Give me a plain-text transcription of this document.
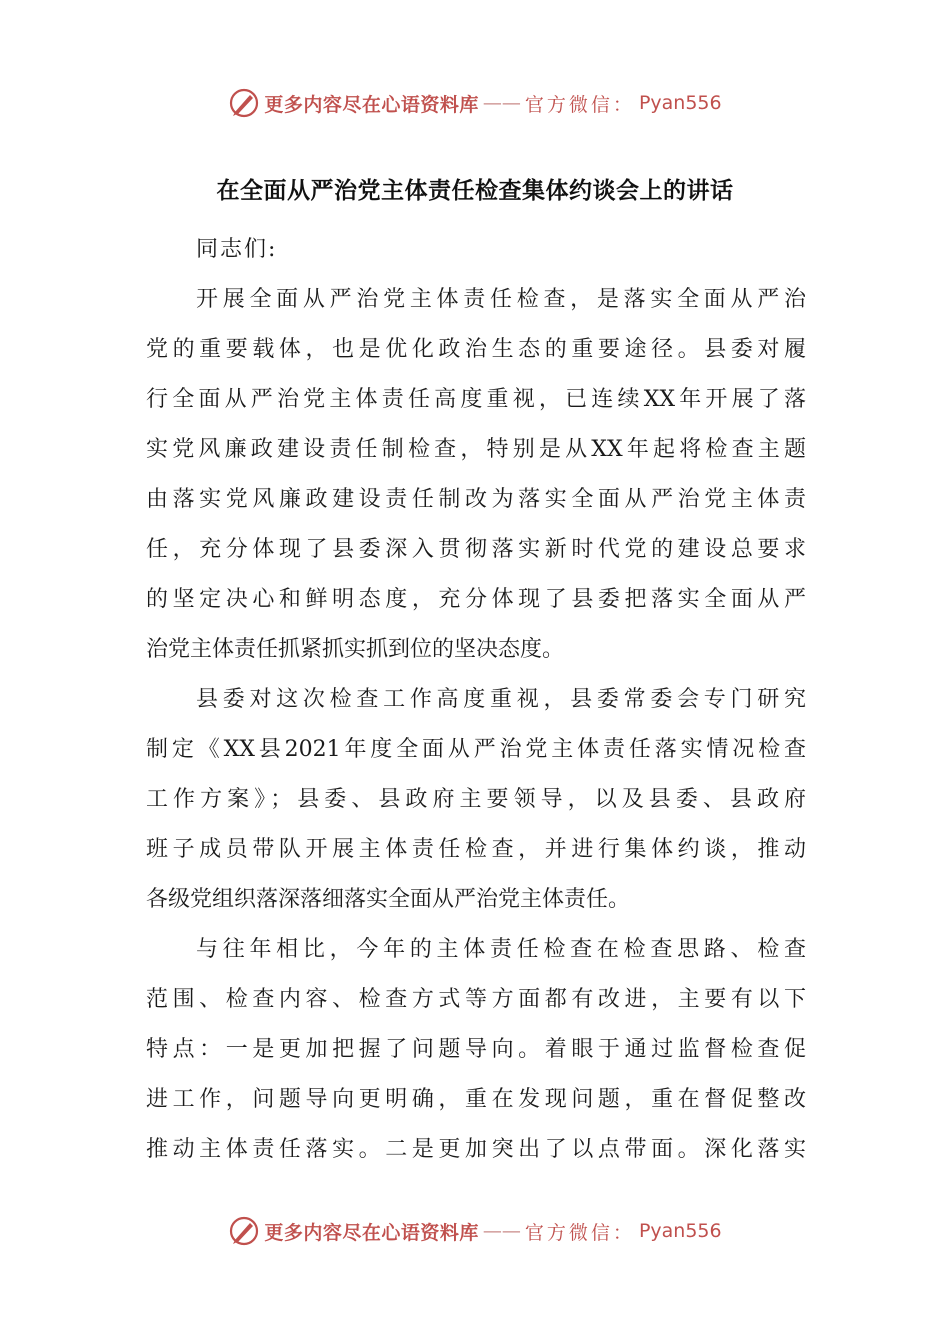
更多内容尽在心语资料库 —— 官方微信： Pyan556
在全面从严治党主体责任检查集体约谈会上的讲话

同志们:

开展全面从严治党主体责任检查，是落实全面从严治
党的重要载体，也是优化政治生态的重要途径。县委对履
行全面从严治党主体责任高度重视，已连续XX年开展了落
实党风廉政建设责任制检查，特别是从XX年起将检查主题
由落实党风廉政建设责任制改为落实全面从严治党主体责
任，充分体现了县委深入贯彻落实新时代党的建设总要求
的坚定决心和鲜明态度，充分体现了县委把落实全面从严
治党主体责任抓紧抓实抓到位的坚决态度。

县委对这次检查工作高度重视，县委常委会专门研究
制定《XX县2021年度全面从严治党主体责任落实情况检查
工作方案》；县委、县政府主要领导，以及县委、县政府
班子成员带队开展主体责任检查，并进行集体约谈，推动
各级党组织落深落细落实全面从严治党主体责任。

与往年相比，今年的主体责任检查在检查思路、检查
范围、检查内容、检查方式等方面都有改进，主要有以下
特点：一是更加把握了问题导向。着眼于通过监督检查促
进工作，问题导向更明确，重在发现问题，重在督促整改
推动主体责任落实。二是更加突出了以点带面。深化落实

更多内容尽在心语资料库 —— 官方微信： Pyan556
